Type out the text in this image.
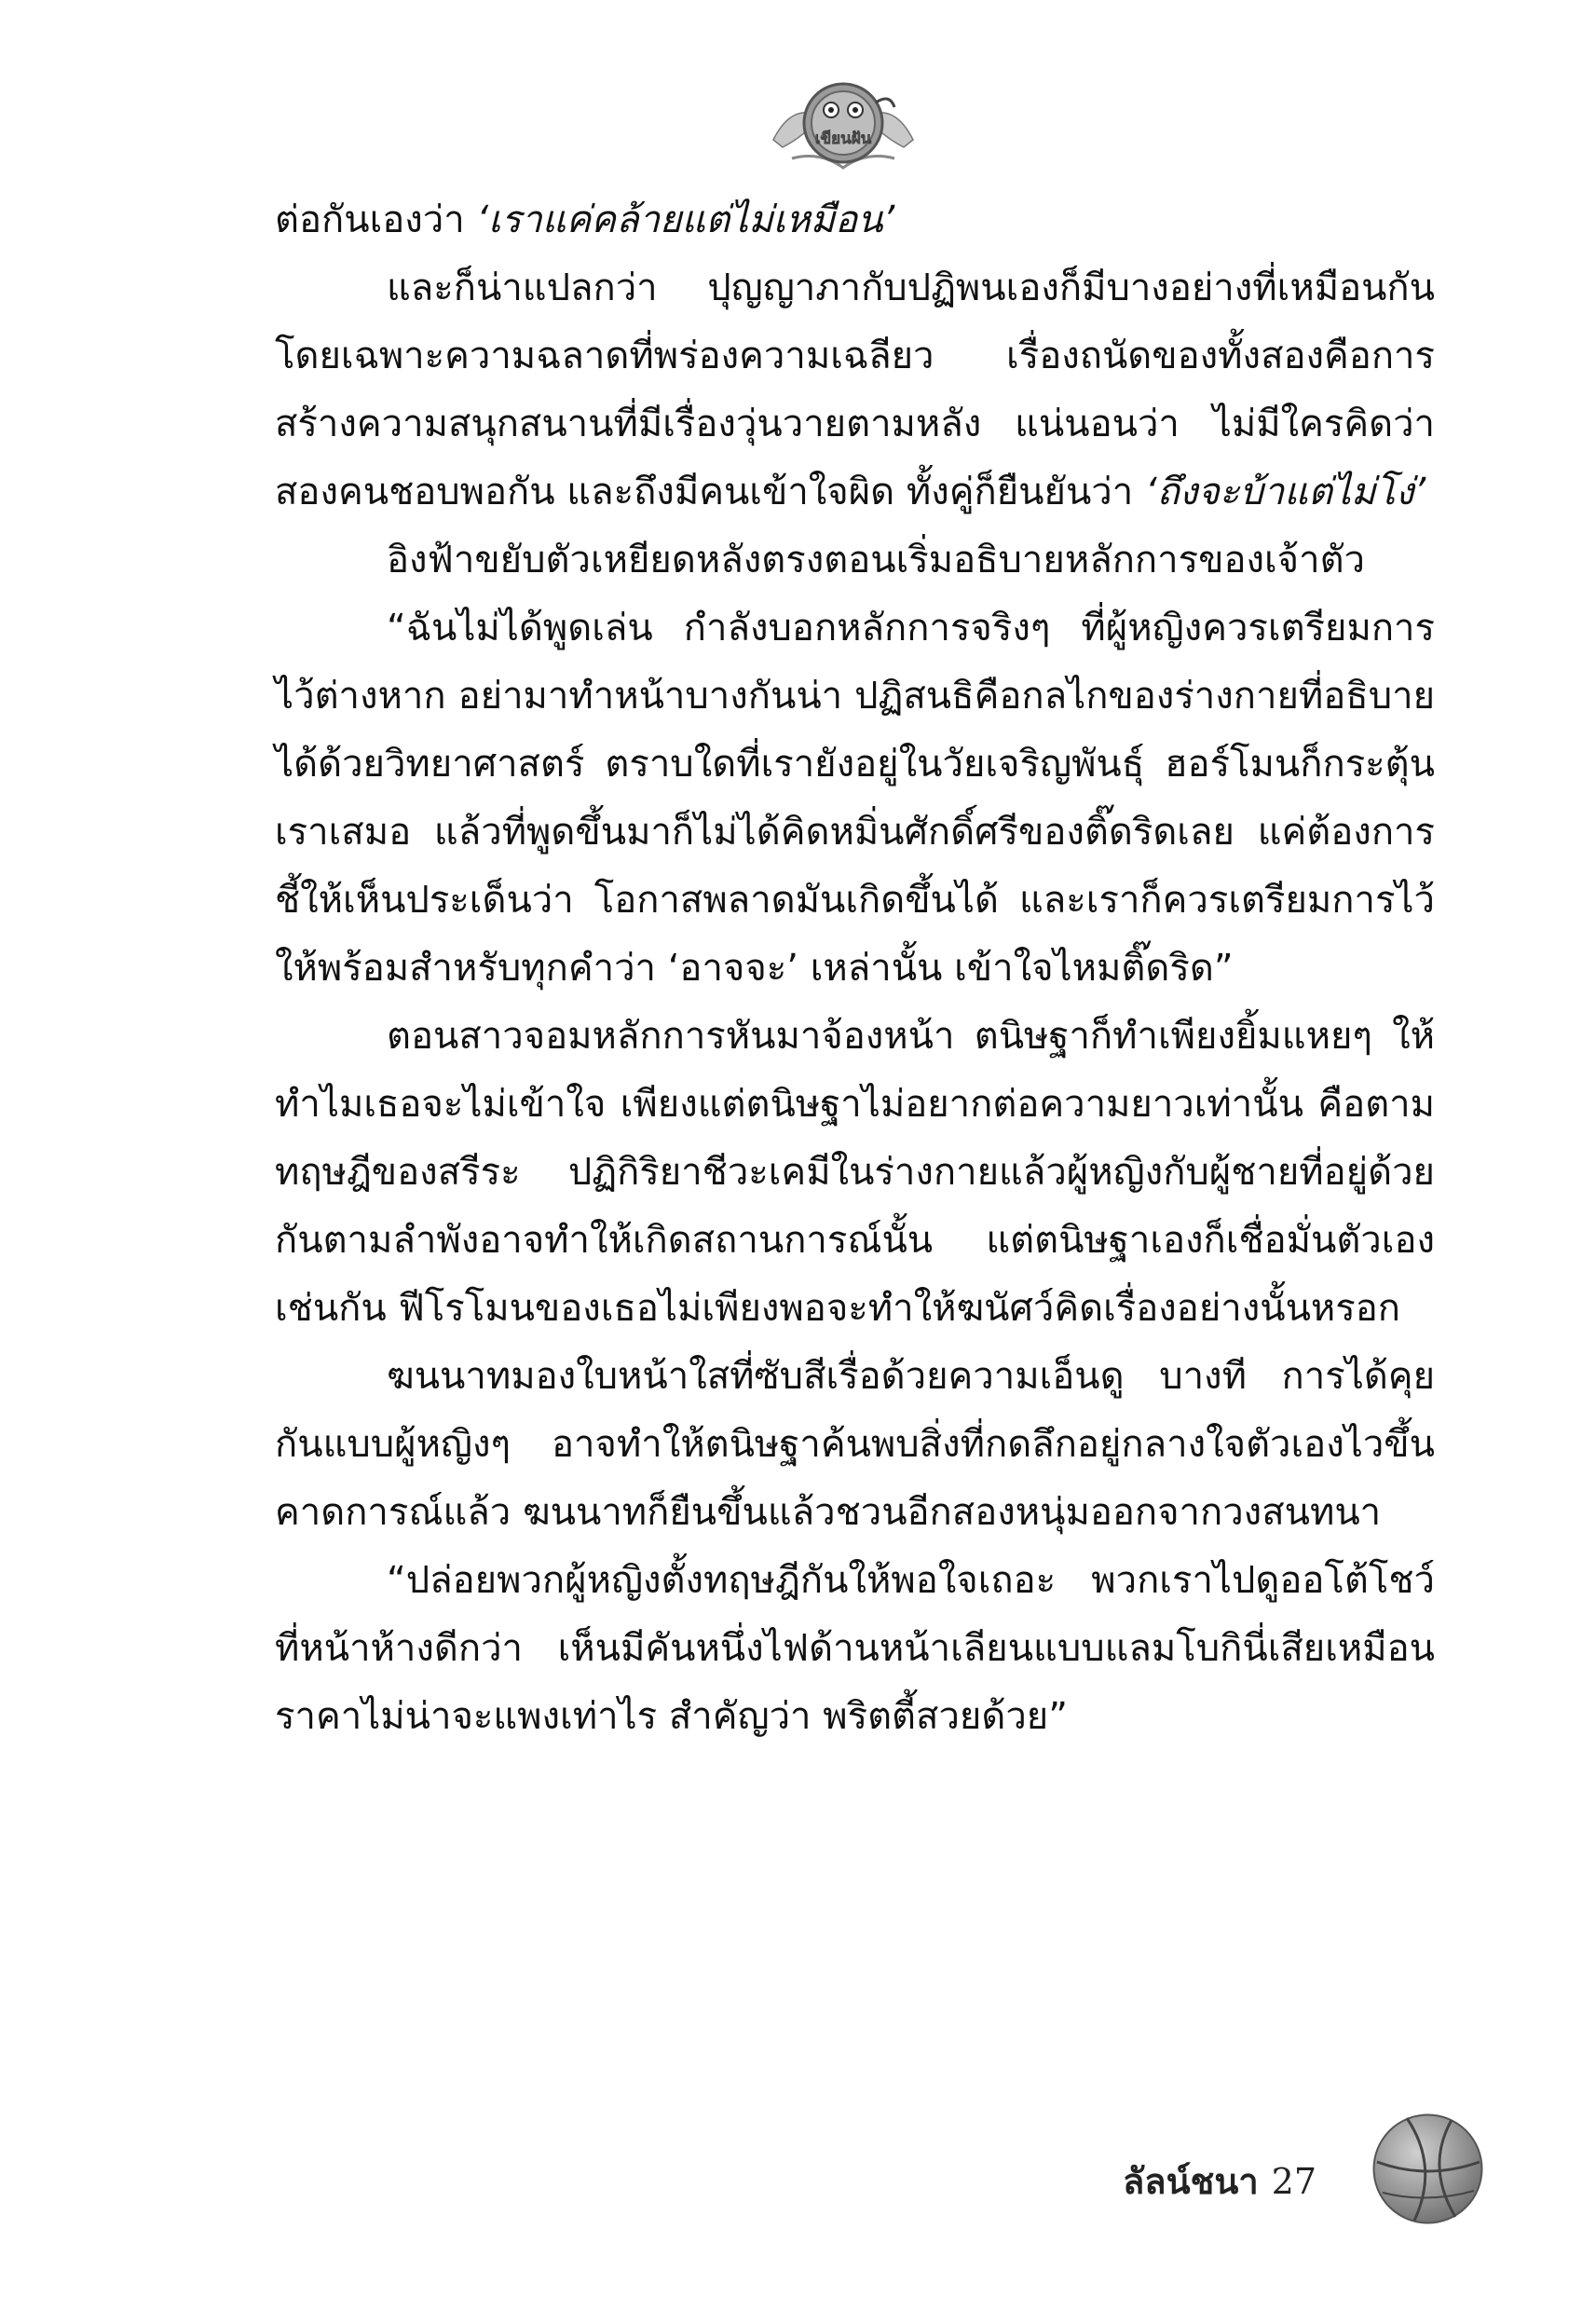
เขียนฝัน

ต่อกันเองว่า ‘เราแค่คล้ายแต่ไม่เหมือน’

และก็น่าแปลกว่า ปุญญาภากับปฏิพนเองก็มีบางอย่างที่เหมือนกัน โดยเฉพาะความฉลาดที่พร่องความเฉลียว เรื่องถนัดของทั้งสองคือการสร้างความสนุกสนานที่มีเรื่องวุ่นวายตามหลัง แน่นอนว่า ไม่มีใครคิดว่าสองคนชอบพอกัน และถึงมีคนเข้าใจผิด ทั้งคู่ก็ยืนยันว่า ‘ถึงจะบ้าแต่ไม่โง่’

อิงฟ้าขยับตัวเหยียดหลังตรงตอนเริ่มอธิบายหลักการของเจ้าตัว

“ฉันไม่ได้พูดเล่น กำลังบอกหลักการจริงๆ ที่ผู้หญิงควรเตรียมการไว้ต่างหาก อย่ามาทำหน้าบางกันน่า ปฏิสนธิคือกลไกของร่างกายที่อธิบายได้ด้วยวิทยาศาสตร์ ตราบใดที่เรายังอยู่ในวัยเจริญพันธุ์ ฮอร์โมนก็กระตุ้นเราเสมอ แล้วที่พูดขึ้นมาก็ไม่ได้คิดหมิ่นศักดิ์ศรีของติ๊ดริดเลย แค่ต้องการชี้ให้เห็นประเด็นว่า โอกาสพลาดมันเกิดขึ้นได้ และเราก็ควรเตรียมการไว้ให้พร้อมสำหรับทุกคำว่า ‘อาจจะ’ เหล่านั้น เข้าใจไหมติ๊ดริด”

ตอนสาวจอมหลักการหันมาจ้องหน้า ตนิษฐาก็ทำเพียงยิ้มแหยๆ ให้ ทำไมเธอจะไม่เข้าใจ เพียงแต่ตนิษฐาไม่อยากต่อความยาวเท่านั้น คือตามทฤษฎีของสรีระ ปฏิกิริยาชีวะเคมีในร่างกายแล้วผู้หญิงกับผู้ชายที่อยู่ด้วยกันตามลำพังอาจทำให้เกิดสถานการณ์นั้น แต่ตนิษฐาเองก็เชื่อมั่นตัวเองเช่นกัน ฟีโรโมนของเธอไม่เพียงพอจะทำให้ฆนัศว์คิดเรื่องอย่างนั้นหรอก

ฆนนาทมองใบหน้าใสที่ซับสีเรื่อด้วยความเอ็นดู บางที การได้คุยกันแบบผู้หญิงๆ อาจทำให้ตนิษฐาค้นพบสิ่งที่กดลึกอยู่กลางใจตัวเองไวขึ้น คาดการณ์แล้ว ฆนนาทก็ยืนขึ้นแล้วชวนอีกสองหนุ่มออกจากวงสนทนา

“ปล่อยพวกผู้หญิงตั้งทฤษฎีกันให้พอใจเถอะ พวกเราไปดูออโต้โชว์ที่หน้าห้างดีกว่า เห็นมีคันหนึ่งไฟด้านหน้าเลียนแบบแลมโบกินี่เสียเหมือน ราคาไม่น่าจะแพงเท่าไร สำคัญว่า พริตตี้สวยด้วย”

ลัลน์ชนา 27
